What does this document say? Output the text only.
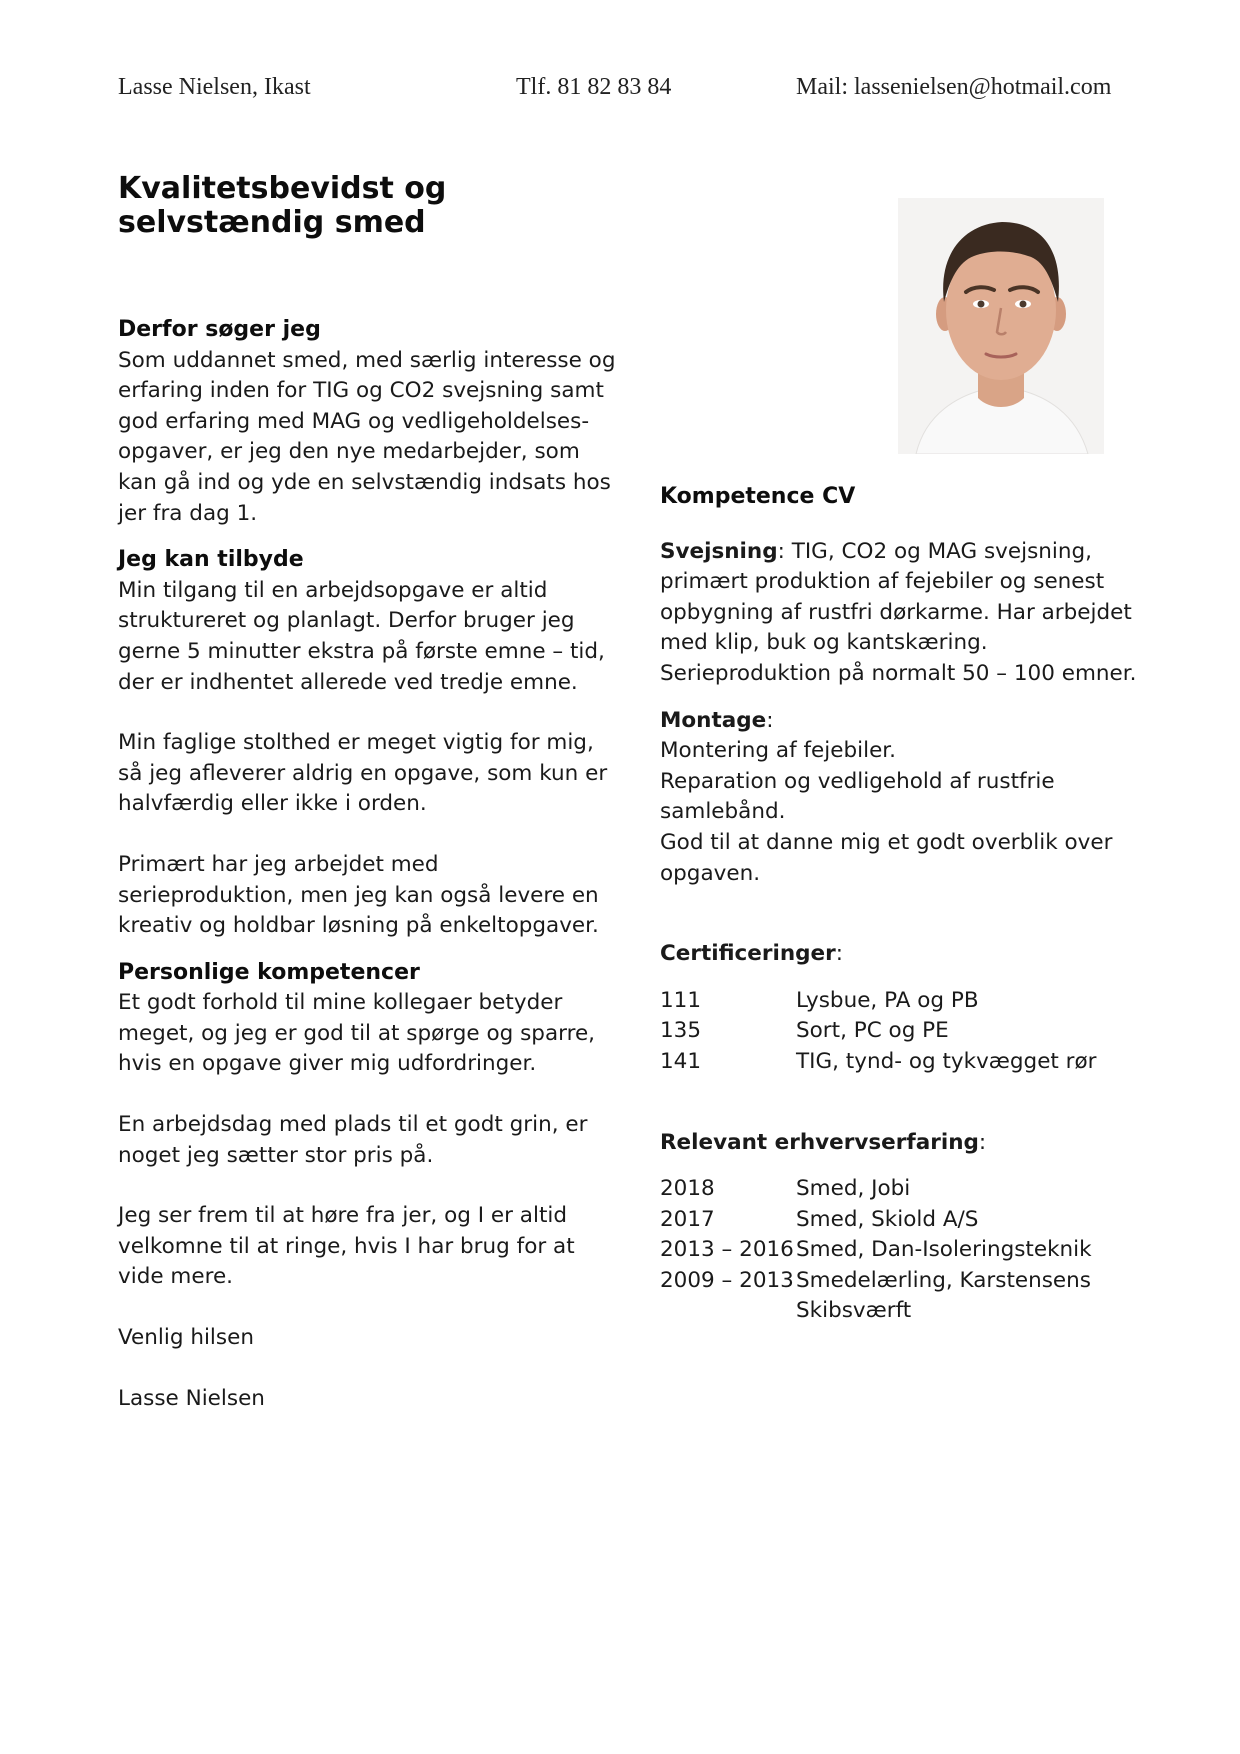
Lasse Nielsen, Ikast	Tlf. 81 82 83 84	Mail: lassenielsen@hotmail.com
Kvalitetsbevidst og
selvstændig smed
Derfor søger jeg
Som uddannet smed, med særlig interesse og
erfaring inden for TIG og CO2 svejsning samt
god erfaring med MAG og vedligeholdelses-
opgaver, er jeg den nye medarbejder, som
kan gå ind og yde en selvstændig indsats hos
jer fra dag 1.
Jeg kan tilbyde
Min tilgang til en arbejdsopgave er altid
struktureret og planlagt. Derfor bruger jeg
gerne 5 minutter ekstra på første emne – tid,
der er indhentet allerede ved tredje emne.
Min faglige stolthed er meget vigtig for mig,
så jeg afleverer aldrig en opgave, som kun er
halvfærdig eller ikke i orden.
Primært har jeg arbejdet med
serieproduktion, men jeg kan også levere en
kreativ og holdbar løsning på enkeltopgaver.
Personlige kompetencer
Et godt forhold til mine kollegaer betyder
meget, og jeg er god til at spørge og sparre,
hvis en opgave giver mig udfordringer.
En arbejdsdag med plads til et godt grin, er
noget jeg sætter stor pris på.
Jeg ser frem til at høre fra jer, og I er altid
velkomne til at ringe, hvis I har brug for at
vide mere.
Venlig hilsen
Lasse Nielsen
Kompetence CV
Svejsning: TIG, CO2 og MAG svejsning,
primært produktion af fejebiler og senest
opbygning af rustfri dørkarme. Har arbejdet
med klip, buk og kantskæring.
Serieproduktion på normalt 50 – 100 emner.
Montage:
Montering af fejebiler.
Reparation og vedligehold af rustfrie
samlebånd.
God til at danne mig et godt overblik over
opgaven.
Certificeringer:
111	Lysbue, PA og PB
135	Sort, PC og PE
141	TIG, tynd- og tykvægget rør
Relevant erhvervserfaring:
2018	Smed, Jobi
2017	Smed, Skiold A/S
2013 – 2016 Smed, Dan-Isoleringsteknik
2009 – 2013 Smedelærling, Karstensens Skibsværft
